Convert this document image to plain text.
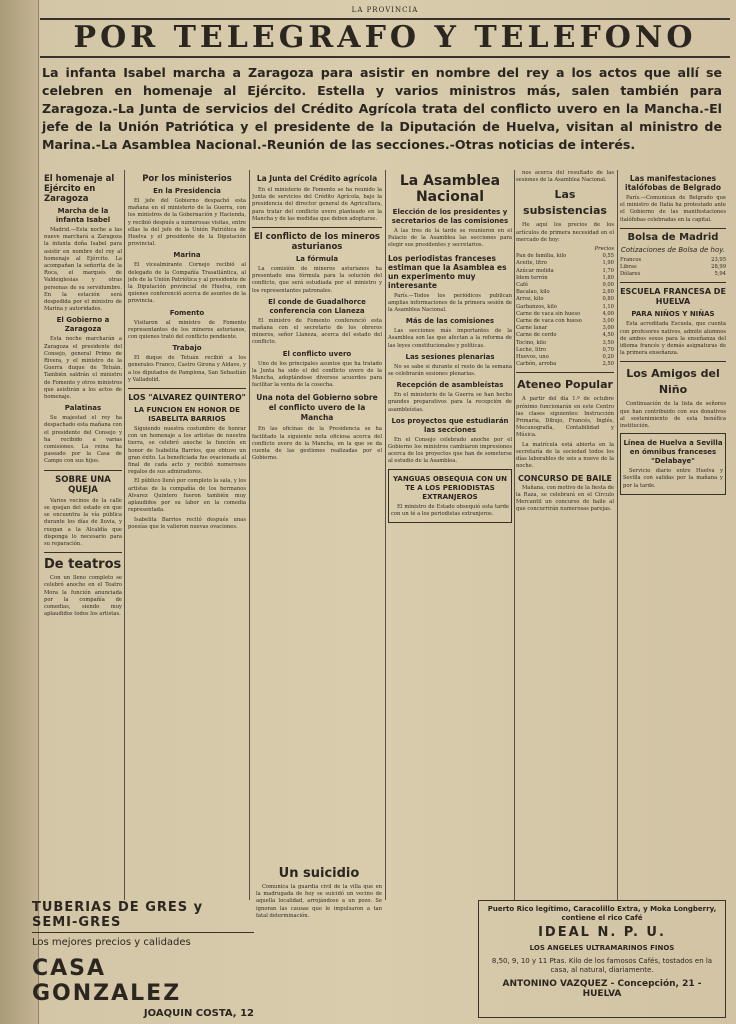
LA PROVINCIA
POR TELEGRAFO Y TELEFONO
La infanta Isabel marcha a Zaragoza para asistir en nombre del rey a los actos que allí se celebren en homenaje al Ejército. Estella y varios ministros más, salen también para Zaragoza.-La Junta de servicios del Crédito Agrícola trata del conflicto uvero en la Mancha.-El jefe de la Unión Patriótica y el presidente de la Diputación de Huelva, visitan al ministro de Marina.-La Asamblea Nacional.-Reunión de las secciones.-Otras noticias de interés.
El homenaje al Ejército en Zaragoza
Marcha de la infanta Isabel

Madrid.—Esta noche a las nueve marchará a Zaragoza la infanta doña Isabel para asistir en nombre del rey al homenaje al Ejército. La acompañan la señorita de la Roca, el marqués de Valdeiglesias y otras personas de su servidumbre. En la estación será despedida por el ministro de Marina y autoridades.

El Gobierno a Zaragoza

Esta noche marcharán a Zaragoza el presidente del Consejo, general Primo de Rivera, y el ministro de la Guerra duque de Tetuán. También saldrán el ministro de Fomento y otros ministros que asistirán a los actos de homenaje.

Palatinas

Su majestad el rey ha despachado esta mañana con el presidente del Consejo y ha recibido a varias comisiones. La reina ha paseado por la Casa de Campo con sus hijos.

SOBRE UNA QUEJA

Varios vecinos de la calle se quejan del estado en que se encuentra la vía pública durante los días de lluvia, y ruegan a la Alcaldía que disponga lo necesario para su reparación.

De teatros

Con un lleno completo se celebró anoche en el Teatro Mora la función anunciada por la compañía de comedias, siendo muy aplaudidos todos los artistas.

Por los ministerios
En la Presidencia

El jefe del Gobierno despachó esta mañana en el ministerio de la Guerra, con los ministros de la Gobernación y Hacienda, y recibió después a numerosas visitas, entre ellas la del jefe de la Unión Patriótica de Huelva y el presidente de la Diputación provincial.

Marina

El vicealmirante Cornejo recibió al delegado de la Compañía Trasatlántica, al jefe de la Unión Patriótica y al presidente de la Diputación provincial de Huelva, con quienes conferenció acerca de asuntos de la provincia.

Fomento

Visitaron al ministro de Fomento representantes de los mineros asturianos, con quienes trató del conflicto pendiente.

Trabajo

El duque de Tetuán recibió a los generales Franco, Castro Girona y Aldave, y a los diputados de Pamplona, San Sebastián y Valladolid.

LOS "ALVAREZ QUINTERO"
LA FUNCION EN HONOR DE ISABELITA BARRIOS

Siguiendo nuestra costumbre de honrar con un homenaje a los artistas de nuestra tierra, se celebró anoche la función en honor de Isabelita Barrios, que obtuvo un gran éxito. La beneficiada fue ovacionada al final de cada acto y recibió numerosos regalos de sus admiradores.

El público llenó por completo la sala, y los artistas de la compañía de los hermanos Alvarez Quintero fueron también muy aplaudidos por su labor en la comedia representada.

Isabelita Barrios recitó después unas poesías que le valieron nuevas ovaciones.

La Junta del Crédito agrícola

En el ministerio de Fomento se ha reunido la Junta de servicios del Crédito Agrícola, bajo la presidencia del director general de Agricultura, para tratar del conflicto uvero planteado en la Mancha y de las medidas que deben adoptarse.

El conflicto de los mineros asturianos
La fórmula

La comisión de mineros asturianos ha presentado una fórmula para la solución del conflicto, que será estudiada por el ministro y los representantes patronales.

El conde de Guadalhorce conferencia con Llaneza

El ministro de Fomento conferenció esta mañana con el secretario de los obreros mineros, señor Llaneza, acerca del estado del conflicto.

El conflicto uvero

Uno de los principales asuntos que ha tratado la Junta ha sido el del conflicto uvero de la Mancha, adoptándose diversos acuerdos para facilitar la venta de la cosecha.

Una nota del Gobierno sobre el conflicto uvero de la Mancha

En las oficinas de la Presidencia se ha facilitado la siguiente nota oficiosa acerca del conflicto uvero de la Mancha, en la que se da cuenta de las gestiones realizadas por el Gobierno.

Un suicidio

Comunica la guardia civil de la villa que en la madrugada de hoy se suicidó un vecino de aquella localidad, arrojándose a un pozo. Se ignoran las causas que le impulsaron a tan fatal determinación.

La Asamblea Nacional
Elección de los presidentes y secretarios de las comisiones

A las tres de la tarde se reunieron en el Palacio de la Asamblea las secciones para elegir sus presidentes y secretarios.

Los periodistas franceses estiman que la Asamblea es un experimento muy interesante

París.—Todos los periódicos publican amplias informaciones de la primera sesión de la Asamblea Nacional.

Más de las comisiones

Las secciones más importantes de la Asamblea son las que afectan a la reforma de las leyes constitucionales y políticas.

Las sesiones plenarias

No se sabe si durante el resto de la semana se celebrarán sesiones plenarias.

Recepción de asambleístas

En el ministerio de la Guerra se han hecho grandes preparativos para la recepción de asambleístas.

Los proyectos que estudiarán las secciones

En el Consejo celebrado anoche por el Gobierno los ministros cambiaron impresiones acerca de los proyectos que han de someterse al estudio de la Asamblea.

YANGUAS OBSEQUIA CON UN TE A LOS PERIODISTAS EXTRANJEROS

El ministro de Estado obsequió esta tarde con un té a los periodistas extranjeros.

nos acerca del resultado de las sesiones de la Asamblea Nacional.

Las subsistencias

He aquí los precios de los artículos de primera necesidad en el mercado de hoy:

Precios
Pan de familia, kilo	0,55
Aceite, litro	1,90
Azúcar molida	1,70
Idem terrón	1,80
Café	9,00
Bacalao, kilo	2,60
Arroz, kilo	0,80
Garbanzos, kilo	1,10
Carne de vaca sin hueso	4,00
Carne de vaca con hueso	3,00
Carne lanar	3,00
Carne de cerdo	4,50
Tocino, kilo	3,50
Leche, litro	0,70
Huevos, uno	0,20
Carbón, arroba	2,50
Ateneo Popular

A partir del día 1.º de octubre próximo funcionarán en este Centro las clases siguientes: Instrucción Primaria, Dibujo, Francés, Inglés, Mecanografía, Contabilidad y Música.

La matrícula está abierta en la secretaría de la sociedad todos los días laborables de seis a nueve de la noche.

CONCURSO DE BAILE

Mañana, con motivo de la fiesta de la Raza, se celebrará en el Círculo Mercantil un concurso de baile al que concurrirán numerosas parejas.

Las manifestaciones italófobas de Belgrado

París.—Comunican de Belgrado que el ministro de Italia ha protestado ante el Gobierno de las manifestaciones italófobas celebradas en la capital.

Bolsa de Madrid
Cotizaciones de Bolsa de hoy.
Francos	23,95
Libras	28,99
Dólares	5,94
ESCUELA FRANCESA DE HUELVA
PARA NIÑOS Y NIÑAS

Esta acreditada Escuela, que cuenta con profesores nativos, admite alumnos de ambos sexos para la enseñanza del idioma francés y demás asignaturas de la primera enseñanza.

Los Amigos del Niño

Continuación de la lista de señores que han contribuido con sus donativos al sostenimiento de esta benéfica institución.

Línea de Huelva a Sevilla en ómnibus franceses "Delabaye"

Servicio diario entre Huelva y Sevilla con salidas por la mañana y por la tarde.

TUBERIAS DE GRES y SEMI-GRES
Los mejores precios y calidades
CASA GONZALEZ
JOAQUIN COSTA, 12
Puerto Rico legítimo, Caracolillo Extra, y Moka Longberry, contiene el rico Café
IDEAL N. P. U.
LOS ANGELES ULTRAMARINOS FINOS
8,50, 9, 10 y 11 Ptas. Kilo de los famosos Cafés, tostados en la casa, al natural, diariamente.
ANTONINO VAZQUEZ - Concepción, 21 - HUELVA
